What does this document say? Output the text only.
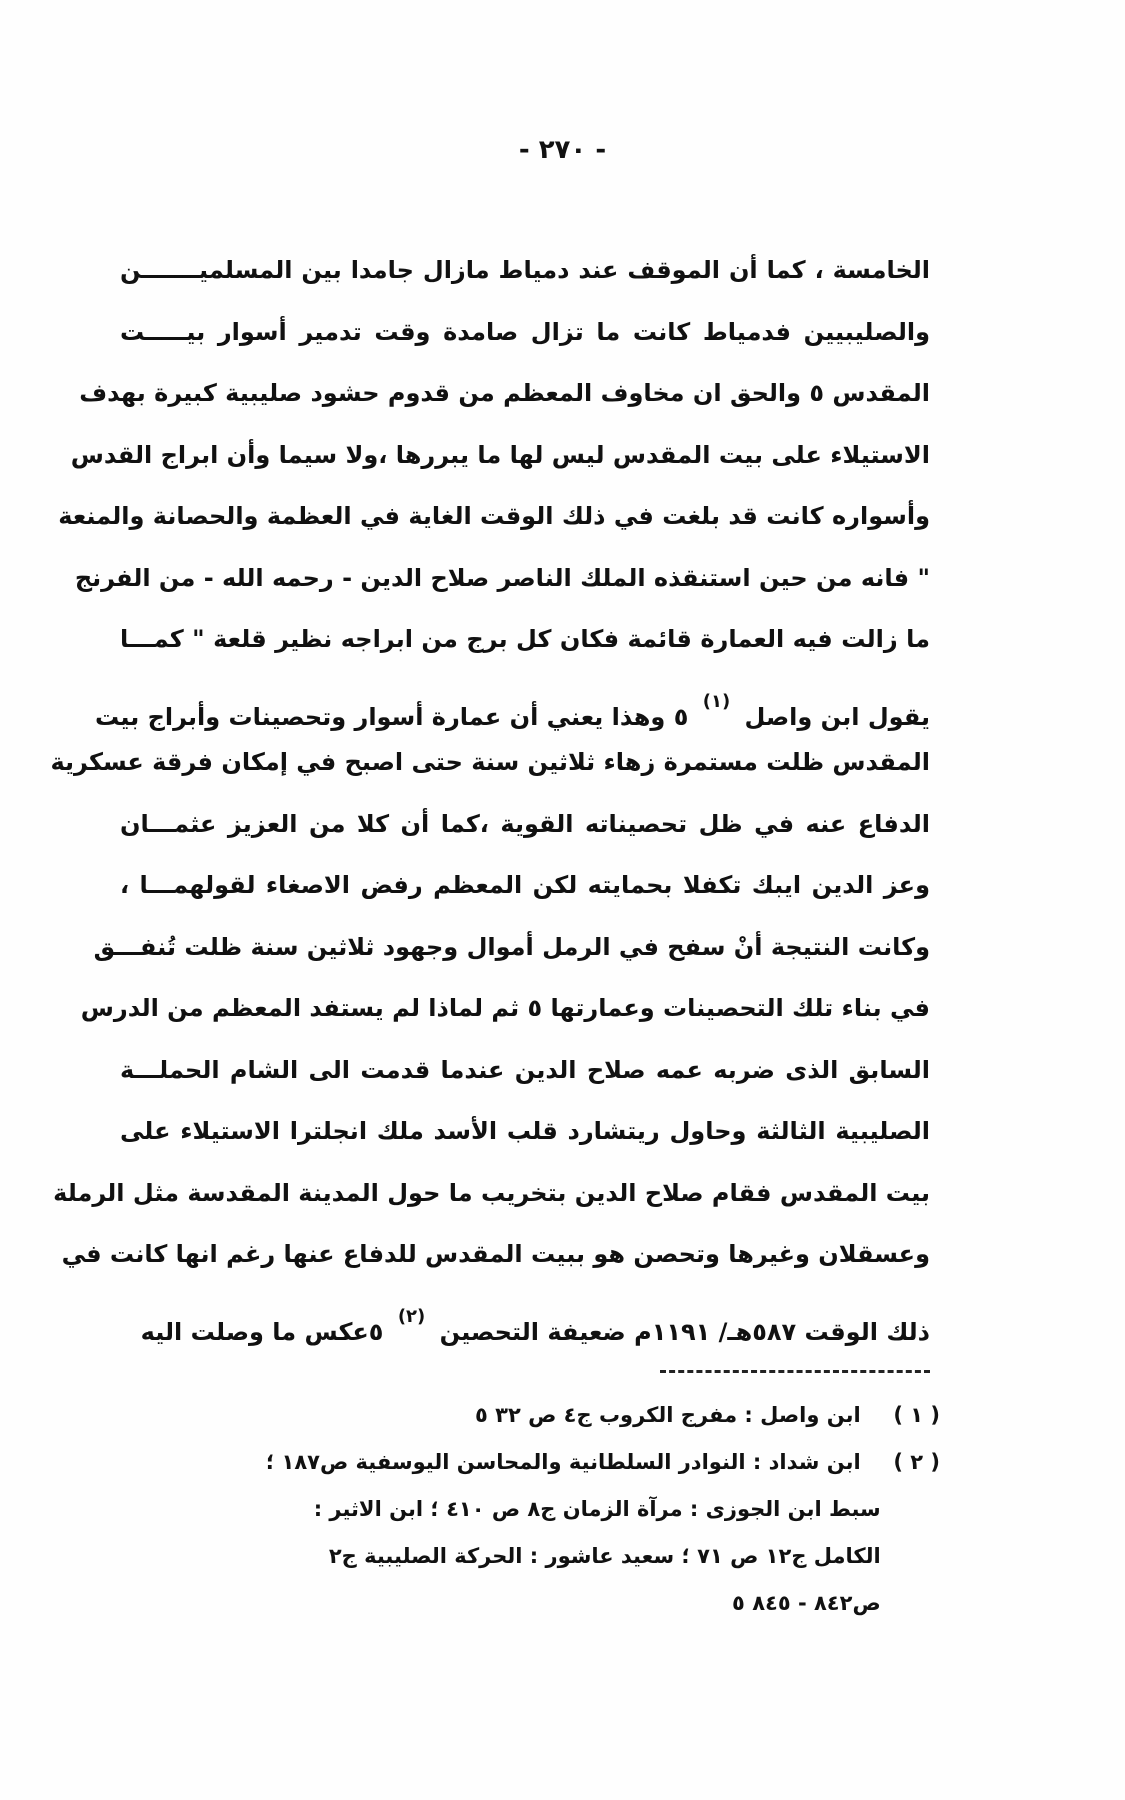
- ٢٧٠ -
الخامسة ، كما أن الموقف عند دمياط مازال جامدا بين المسلميـــــــن
والصليبيين فدمياط كانت ما تزال صامدة وقت تدمير أسوار بيـــــت
المقدس ٥ والحق ان مخاوف المعظم من قدوم حشود صليبية كبيرة بهدف
الاستيلاء على بيت المقدس ليس لها ما يبررها ،ولا سيما وأن ابراج القدس
وأسواره كانت قد بلغت في ذلك الوقت الغاية في العظمة والحصانة والمنعة
" فانه من حين استنقذه الملك الناصر صلاح الدين - رحمه الله - من الفرنج
ما زالت فيه العمارة قائمة فكان كل برج من ابراجه نظير قلعة " كمـــا
يقول ابن واصل $^{(١)}$ ٥ وهذا يعني أن عمارة أسوار وتحصينات وأبراج بيت
المقدس ظلت مستمرة زهاء ثلاثين سنة حتى اصبح في إمكان فرقة عسكرية
الدفاع عنه في ظل تحصيناته القوية ،كما أن كلا من العزيز عثمـــان
وعز الدين ايبك تكفلا بحمايته لكن المعظم رفض الاصغاء لقولهمـــا ،
وكانت النتيجة أنْ سفح في الرمل أموال وجهود ثلاثين سنة ظلت تُنفـــق
في بناء تلك التحصينات وعمارتها ٥ ثم لماذا لم يستفد المعظم من الدرس
السابق الذى ضربه عمه صلاح الدين عندما قدمت الى الشام الحملـــة
الصليبية الثالثة وحاول ريتشارد قلب الأسد ملك انجلترا الاستيلاء على
بيت المقدس فقام صلاح الدين بتخريب ما حول المدينة المقدسة مثل الرملة
وعسقلان وغيرها وتحصن هو ببيت المقدس للدفاع عنها رغم انها كانت في
ذلك الوقت ٥٨٧هـ/ ١١٩١م ضعيفة التحصين $^{(٢)}$ ٥عكس ما وصلت اليه
( ١ ) ابن واصل : مفرج الكروب ج٤ ص ٣٢ ٥
( ٢ ) ابن شداد : النوادر السلطانية والمحاسن اليوسفية ص١٨٧ ؛
سبط ابن الجوزى : مرآة الزمان ج٨ ص ٤١٠ ؛ ابن الاثير :
الكامل ج١٢ ص ٧١ ؛ سعيد عاشور : الحركة الصليبية ج٢
ص٨٤٢ - ٨٤٥ ٥
